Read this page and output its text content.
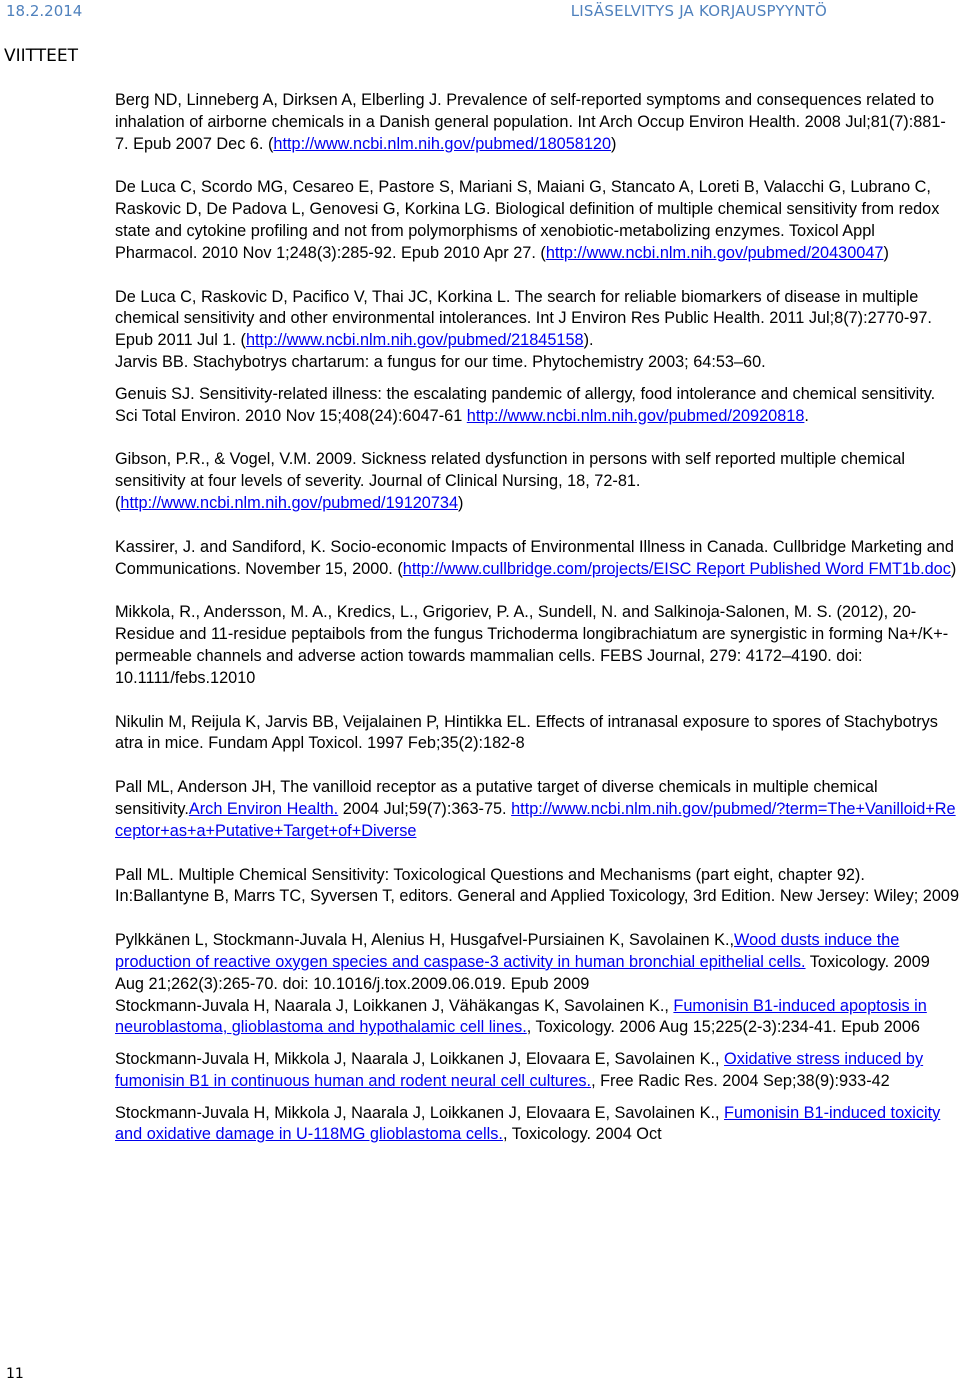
18.2.2014	LISÄSELVITYS JA KORJAUSPYYNTÖ
VIITTEET

Berg ND, Linneberg A, Dirksen A, Elberling J. Prevalence of self-reported symptoms and consequences related to inhalation of airborne chemicals in a Danish general population. Int Arch Occup Environ Health. 2008 Jul;81(7):881-7. Epub 2007 Dec 6. (http://www.ncbi.nlm.nih.gov/pubmed/18058120)

De Luca C, Scordo MG, Cesareo E, Pastore S, Mariani S, Maiani G, Stancato A, Loreti B, Valacchi G, Lubrano C, Raskovic D, De Padova L, Genovesi G, Korkina LG. Biological definition of multiple chemical sensitivity from redox state and cytokine profiling and not from polymorphisms of xenobiotic-metabolizing enzymes. Toxicol Appl Pharmacol. 2010 Nov 1;248(3):285-92. Epub 2010 Apr 27. (http://www.ncbi.nlm.nih.gov/pubmed/20430047)

De Luca C, Raskovic D, Pacifico V, Thai JC, Korkina L. The search for reliable biomarkers of disease in multiple chemical sensitivity and other environmental intolerances. Int J Environ Res Public Health. 2011 Jul;8(7):2770-97. Epub 2011 Jul 1. (http://www.ncbi.nlm.nih.gov/pubmed/21845158).

Jarvis BB. Stachybotrys chartarum: a fungus for our time. Phytochemistry 2003; 64:53–60.

Genuis SJ. Sensitivity-related illness: the escalating pandemic of allergy, food intolerance and chemical sensitivity. Sci Total Environ. 2010 Nov 15;408(24):6047-61 http://www.ncbi.nlm.nih.gov/pubmed/20920818.

Gibson, P.R., & Vogel, V.M. 2009. Sickness related dysfunction in persons with self reported multiple chemical sensitivity at four levels of severity. Journal of Clinical Nursing, 18, 72-81. (http://www.ncbi.nlm.nih.gov/pubmed/19120734)

Kassirer, J. and Sandiford, K. Socio-economic Impacts of Environmental Illness in Canada. Cullbridge Marketing and Communications. November 15, 2000. (http://www.cullbridge.com/projects/EISC Report Published Word FMT1b.doc)

Mikkola, R., Andersson, M. A., Kredics, L., Grigoriev, P. A., Sundell, N. and Salkinoja-Salonen, M. S. (2012), 20-Residue and 11-residue peptaibols from the fungus Trichoderma longibrachiatum are synergistic in forming Na+/K+-permeable channels and adverse action towards mammalian cells. FEBS Journal, 279: 4172–4190. doi: 10.1111/febs.12010

Nikulin M, Reijula K, Jarvis BB, Veijalainen P, Hintikka EL. Effects of intranasal exposure to spores of Stachybotrys atra in mice. Fundam Appl Toxicol. 1997 Feb;35(2):182-8

Pall ML, Anderson JH, The vanilloid receptor as a putative target of diverse chemicals in multiple chemical sensitivity.Arch Environ Health. 2004 Jul;59(7):363-75. http://www.ncbi.nlm.nih.gov/pubmed/?term=The+Vanilloid+Receptor+as+a+Putative+Target+of+Diverse

Pall ML. Multiple Chemical Sensitivity: Toxicological Questions and Mechanisms (part eight, chapter 92). In:Ballantyne B, Marrs TC, Syversen T, editors. General and Applied Toxicology, 3rd Edition. New Jersey: Wiley; 2009

Pylkkänen L, Stockmann-Juvala H, Alenius H, Husgafvel-Pursiainen K, Savolainen K.,Wood dusts induce the production of reactive oxygen species and caspase-3 activity in human bronchial epithelial cells. Toxicology. 2009 Aug 21;262(3):265-70. doi: 10.1016/j.tox.2009.06.019. Epub 2009

Stockmann-Juvala H, Naarala J, Loikkanen J, Vähäkangas K, Savolainen K., Fumonisin B1-induced apoptosis in neuroblastoma, glioblastoma and hypothalamic cell lines., Toxicology. 2006 Aug 15;225(2-3):234-41. Epub 2006

Stockmann-Juvala H, Mikkola J, Naarala J, Loikkanen J, Elovaara E, Savolainen K., Oxidative stress induced by fumonisin B1 in continuous human and rodent neural cell cultures., Free Radic Res. 2004 Sep;38(9):933-42

Stockmann-Juvala H, Mikkola J, Naarala J, Loikkanen J, Elovaara E, Savolainen K., Fumonisin B1-induced toxicity and oxidative damage in U-118MG glioblastoma cells., Toxicology. 2004 Oct

11
